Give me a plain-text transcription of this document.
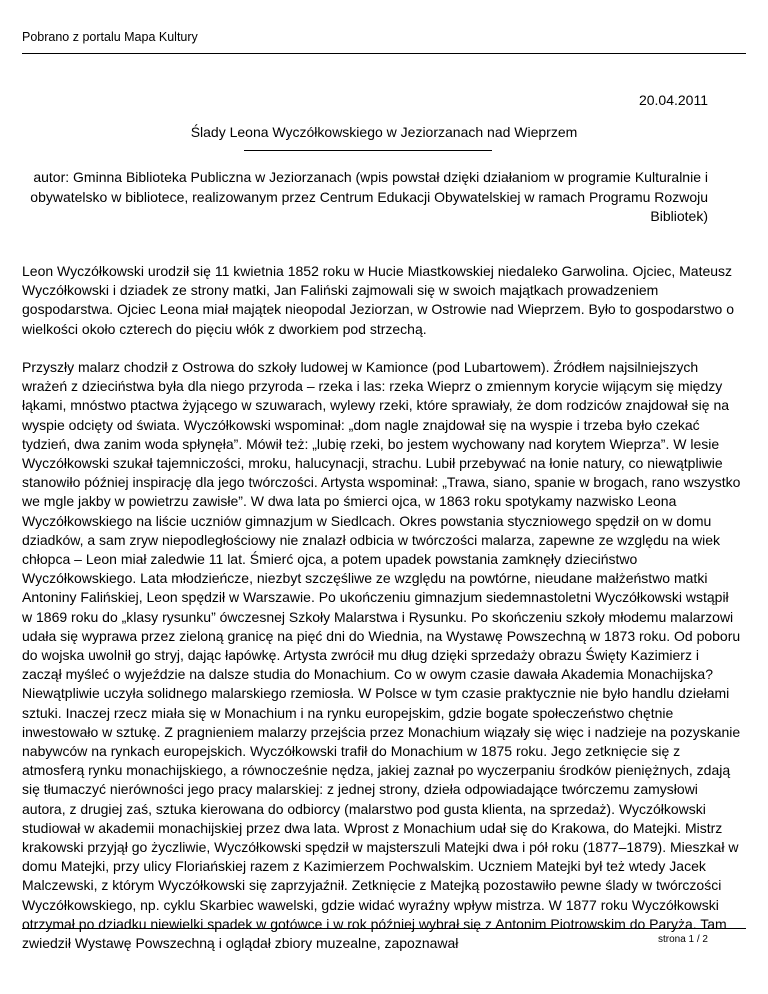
Pobrano z portalu Mapa Kultury
20.04.2011
Ślady Leona Wyczółkowskiego w Jeziorzanach nad Wieprzem
autor: Gminna Biblioteka Publiczna w Jeziorzanach (wpis powstał dzięki działaniom w programie Kulturalnie i obywatelsko w bibliotece, realizowanym przez Centrum Edukacji Obywatelskiej w ramach Programu Rozwoju Bibliotek)
Leon Wyczółkowski urodził się 11 kwietnia 1852 roku w Hucie Miastkowskiej niedaleko Garwolina. Ojciec, Mateusz Wyczółkowski i dziadek ze strony matki, Jan Faliński zajmowali się w swoich majątkach prowadzeniem gospodarstwa. Ojciec Leona miał majątek nieopodal Jeziorzan, w Ostrowie nad Wieprzem. Było to gospodarstwo o wielkości około czterech do pięciu włók z dworkiem pod strzechą.
Przyszły malarz chodził z Ostrowa do szkoły ludowej w Kamionce (pod Lubartowem). Źródłem najsilniejszych wrażeń z dzieciństwa była dla niego przyroda – rzeka i las: rzeka Wieprz o zmiennym korycie wijącym się między łąkami, mnóstwo ptactwa żyjącego w szuwarach, wylewy rzeki, które sprawiały, że dom rodziców znajdował się na wyspie odcięty od świata. Wyczółkowski wspominał: „dom nagle znajdował się na wyspie i trzeba było czekać tydzień, dwa zanim woda spłynęła”. Mówił też: „lubię rzeki, bo jestem wychowany nad korytem Wieprza”. W lesie Wyczółkowski szukał tajemniczości, mroku, halucynacji, strachu. Lubił przebywać na łonie natury, co niewątpliwie stanowiło później inspirację dla jego twórczości. Artysta wspominał: „Trawa, siano, spanie w brogach, rano wszystko we mgle jakby w powietrzu zawisłe”. W dwa lata po śmierci ojca, w 1863 roku spotykamy nazwisko Leona Wyczółkowskiego na liście uczniów gimnazjum w Siedlcach. Okres powstania styczniowego spędził on w domu dziadków, a sam zryw niepodległościowy nie znalazł odbicia w twórczości malarza, zapewne ze względu na wiek chłopca – Leon miał zaledwie 11 lat. Śmierć ojca, a potem upadek powstania zamknęły dzieciństwo Wyczółkowskiego. Lata młodzieńcze, niezbyt szczęśliwe ze względu na powtórne, nieudane małżeństwo matki Antoniny Falińskiej, Leon spędził w Warszawie. Po ukończeniu gimnazjum siedemnastoletni Wyczółkowski wstąpił w 1869 roku do „klasy rysunku” ówczesnej Szkoły Malarstwa i Rysunku. Po skończeniu szkoły młodemu malarzowi udała się wyprawa przez zieloną granicę na pięć dni do Wiednia, na Wystawę Powszechną w 1873 roku. Od poboru do wojska uwolnił go stryj, dając łapówkę. Artysta zwrócił mu dług dzięki sprzedaży obrazu Święty Kazimierz i zaczął myśleć o wyjeździe na dalsze studia do Monachium. Co w owym czasie dawała Akademia Monachijska? Niewątpliwie uczyła solidnego malarskiego rzemiosła. W Polsce w tym czasie praktycznie nie było handlu dziełami sztuki. Inaczej rzecz miała się w Monachium i na rynku europejskim, gdzie bogate społeczeństwo chętnie inwestowało w sztukę. Z pragnieniem malarzy przejścia przez Monachium wiązały się więc i nadzieje na pozyskanie nabywców na rynkach europejskich. Wyczółkowski trafił do Monachium w 1875 roku. Jego zetknięcie się z atmosferą rynku monachijskiego, a równocześnie nędza, jakiej zaznał po wyczerpaniu środków pieniężnych, zdają się tłumaczyć nierówności jego pracy malarskiej: z jednej strony, dzieła odpowiadające twórczemu zamysłowi autora, z drugiej zaś, sztuka kierowana do odbiorcy (malarstwo pod gusta klienta, na sprzedaż). Wyczółkowski studiował w akademii monachijskiej przez dwa lata. Wprost z Monachium udał się do Krakowa, do Matejki. Mistrz krakowski przyjął go życzliwie, Wyczółkowski spędził w majsterszuli Matejki dwa i pół roku (1877–1879). Mieszkał w domu Matejki, przy ulicy Floriańskiej razem z Kazimierzem Pochwalskim. Uczniem Matejki był też wtedy Jacek Malczewski, z którym Wyczółkowski się zaprzyjaźnił. Zetknięcie z Matejką pozostawiło pewne ślady w twórczości Wyczółkowskiego, np. cyklu Skarbiec wawelski, gdzie widać wyraźny wpływ mistrza. W 1877 roku Wyczółkowski otrzymał po dziadku niewielki spadek w gotówce i w rok później wybrał się z Antonim Piotrowskim do Paryża. Tam zwiedził Wystawę Powszechną i oglądał zbiory muzealne, zapoznawał	strona 1 / 2
